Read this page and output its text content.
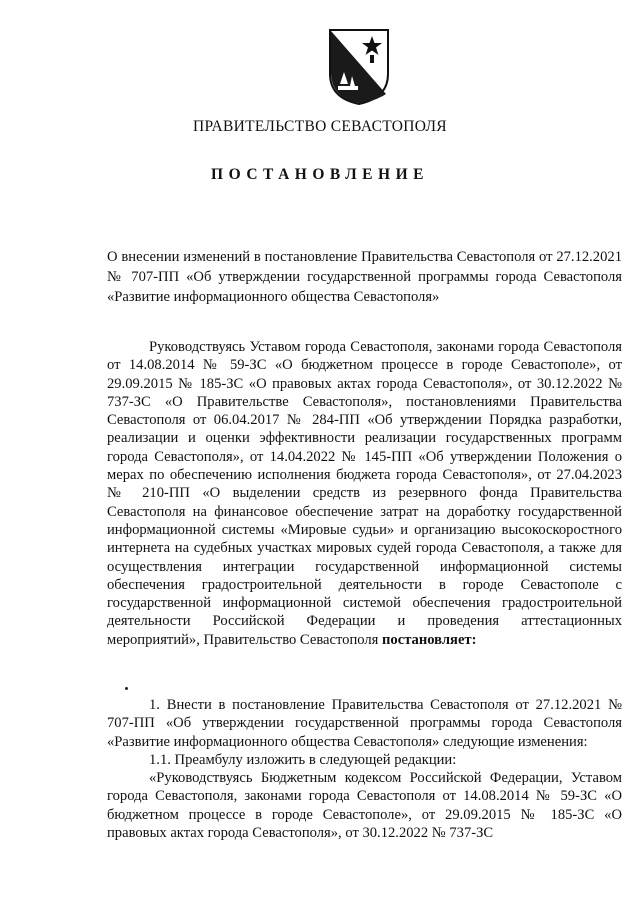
ПРАВИТЕЛЬСТВО СЕВАСТОПОЛЯ
ПОСТАНОВЛЕНИЕ
О внесении изменений в постановление Правительства Севастополя от 27.12.2021 № 707-ПП «Об утверждении государственной программы города Севастополя «Развитие информационного общества Севастополя»

Руководствуясь Уставом города Севастополя, законами города Севастополя от 14.08.2014 № 59-ЗС «О бюджетном процессе в городе Севастополе», от 29.09.2015 № 185-ЗС «О правовых актах города Севастополя», от 30.12.2022 № 737-ЗС «О Правительстве Севастополя», постановлениями Правительства Севастополя от 06.04.2017 № 284-ПП «Об утверждении Порядка разработки, реализации и оценки эффективности реализации государственных программ города Севастополя», от 14.04.2022 № 145-ПП «Об утверждении Положения о мерах по обеспечению исполнения бюджета города Севастополя», от 27.04.2023 № 210-ПП «О выделении средств из резервного фонда Правительства Севастополя на финансовое обеспечение затрат на доработку государственной информационной системы «Мировые судьи» и организацию высокоскоростного интернета на судебных участках мировых судей города Севастополя, а также для осуществления интеграции государственной информационной системы обеспечения градостроительной деятельности в городе Севастополе с государственной информационной системой обеспечения градостроительной деятельности Российской Федерации и проведения аттестационных мероприятий», Правительство Севастополя постановляет:

1. Внести в постановление Правительства Севастополя от 27.12.2021 № 707-ПП «Об утверждении государственной программы города Севастополя «Развитие информационного общества Севастополя» следующие изменения:

1.1. Преамбулу изложить в следующей редакции:

«Руководствуясь Бюджетным кодексом Российской Федерации, Уставом города Севастополя, законами города Севастополя от 14.08.2014 № 59-ЗС «О бюджетном процессе в городе Севастополе», от 29.09.2015 № 185-ЗС «О правовых актах города Севастополя», от 30.12.2022 № 737-ЗС
